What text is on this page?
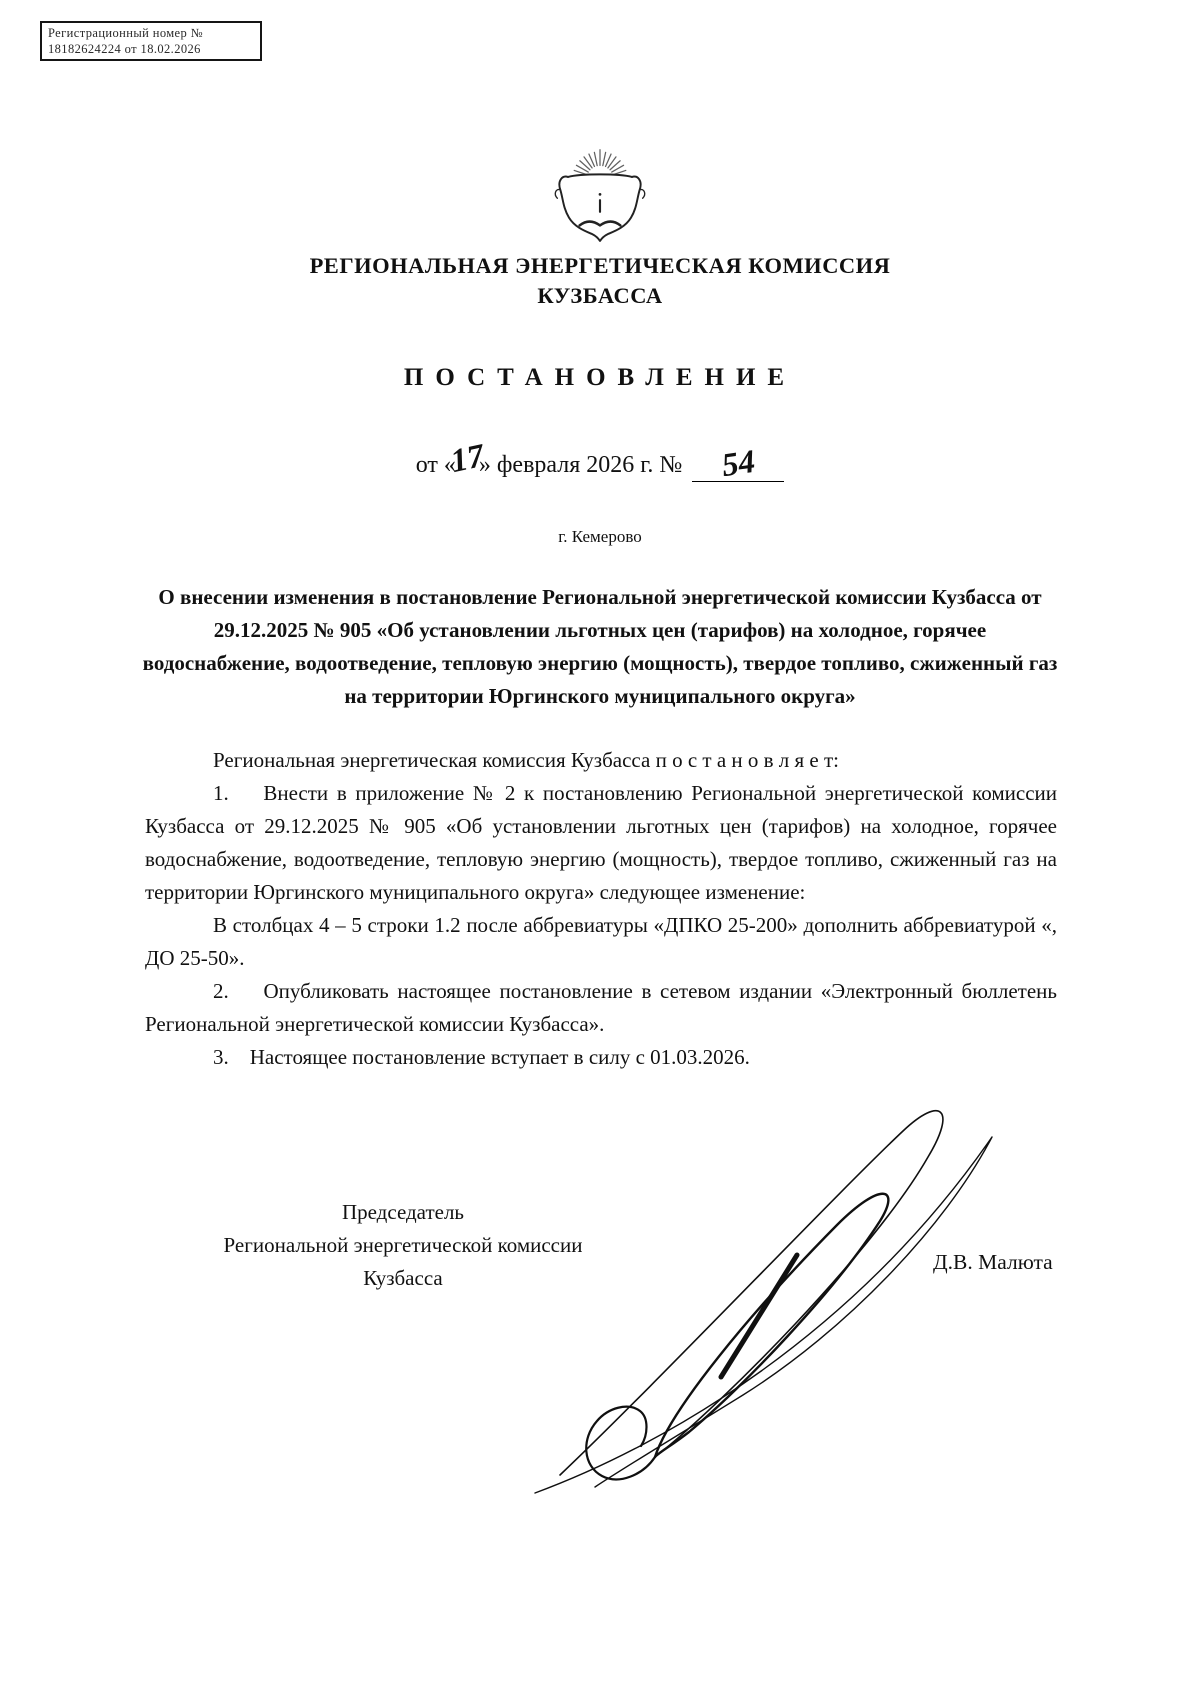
Регистрационный номер №
18182624224 от 18.02.2026
РЕГИОНАЛЬНАЯ ЭНЕРГЕТИЧЕСКАЯ КОМИССИЯ
КУЗБАССА
ПОСТАНОВЛЕНИЕ
от «17» февраля 2026 г. № 54
г. Кемерово
О внесении изменения в постановление Региональной энергетической комиссии Кузбасса от 29.12.2025 № 905 «Об установлении льготных цен (тарифов) на холодное, горячее водоснабжение, водоотведение, тепловую энергию (мощность), твердое топливо, сжиженный газ на территории Юргинского муниципального округа»

Региональная энергетическая комиссия Кузбасса п о с т а н о в л я е т:

1.    Внести в приложение № 2 к постановлению Региональной энергетической комиссии Кузбасса от 29.12.2025 № 905 «Об установлении льготных цен (тарифов) на холодное, горячее водоснабжение, водоотведение, тепловую энергию (мощность), твердое топливо, сжиженный газ на территории Юргинского муниципального округа» следующее изменение:

В столбцах 4 – 5 строки 1.2 после аббревиатуры «ДПКО 25-200» дополнить аббревиатурой «, ДО 25-50».

2.    Опубликовать настоящее постановление в сетевом издании «Электронный бюллетень Региональной энергетической комиссии Кузбасса».

3.    Настоящее постановление вступает в силу с 01.03.2026.

Председатель
Региональной энергетической комиссии
Кузбасса
Д.В. Малюта
